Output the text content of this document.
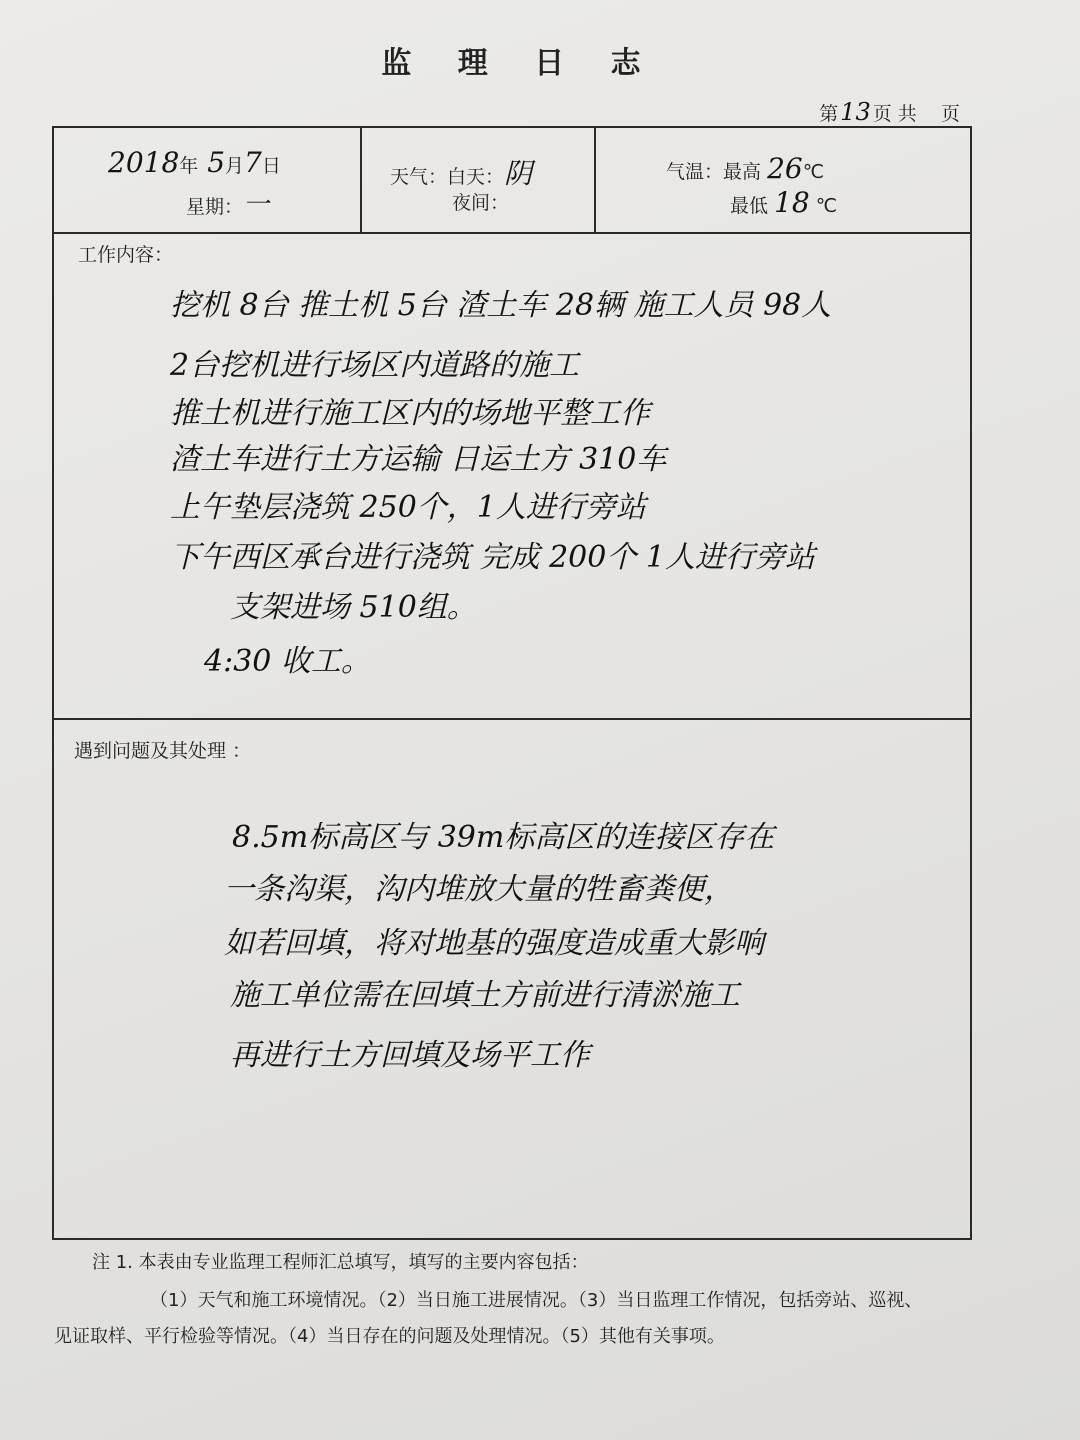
监 理 日 志
第13 页 共 页
2018年 5月7日
星期：一
天气：白天：阴
夜间：
气温：最高 26℃
最低 18 ℃
工作内容：
挖机 8台 推土机 5台 渣土车 28辆 施工人员 98人
2台挖机进行场区内道路的施工
推土机进行施工区内的场地平整工作
渣土车进行土方运输 日运土方 310车
上午垫层浇筑 250个，1人进行旁站
下午西区承台进行浇筑 完成 200个 1人进行旁站
支架进场 510组。
4:30 收工。
遇到问题及其处理 ：
8.5m标高区与 39m标高区的连接区存在
一条沟渠，沟内堆放大量的牲畜粪便，
如若回填，将对地基的强度造成重大影响
施工单位需在回填土方前进行清淤施工
再进行土方回填及场平工作
注 1. 本表由专业监理工程师汇总填写，填写的主要内容包括：
（1）天气和施工环境情况。（2）当日施工进展情况。（3）当日监理工作情况，包括旁站、巡视、
见证取样、平行检验等情况。（4）当日存在的问题及处理情况。（5）其他有关事项。
